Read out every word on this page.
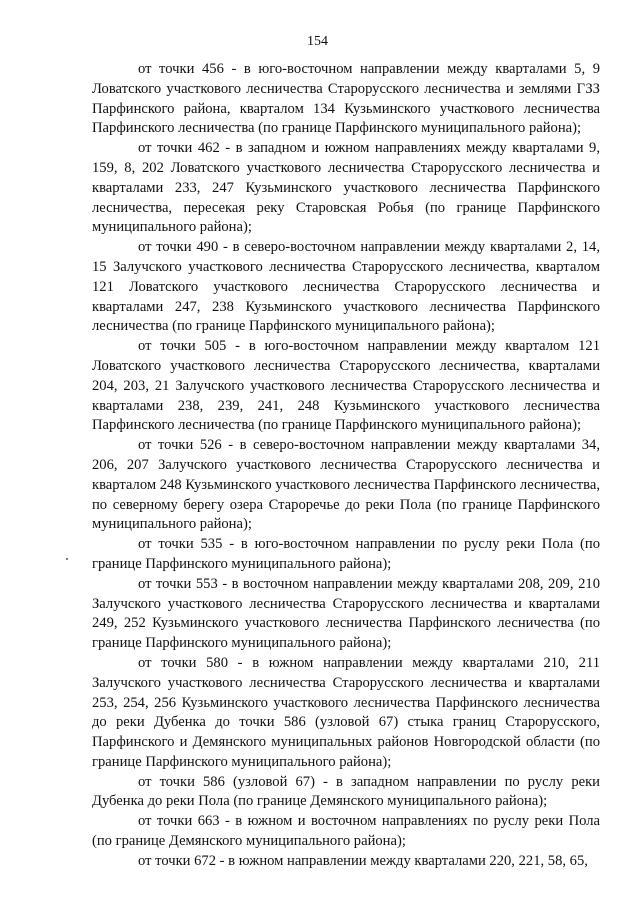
154

от точки 456 - в юго-восточном направлении между кварталами 5, 9 Ловатского участкового лесничества Старорусского лесничества и землями ГЗЗ Парфинского района, кварталом 134 Кузьминского участкового лесничества Парфинского лесничества (по границе Парфинского муниципального района);

от точки 462 - в западном и южном направлениях между кварталами 9, 159, 8, 202 Ловатского участкового лесничества Старорусского лесничества и кварталами 233, 247 Кузьминского участкового лесничества Парфинского лесничества, пересекая реку Старовская Робья (по границе Парфинского муниципального района);

от точки 490 - в северо-восточном направлении между кварталами 2, 14, 15 Залучского участкового лесничества Старорусского лесничества, кварталом 121 Ловатского участкового лесничества Старорусского лесничества и кварталами 247, 238 Кузьминского участкового лесничества Парфинского лесничества (по границе Парфинского муниципального района);

от точки 505 - в юго-восточном направлении между кварталом 121 Ловатского участкового лесничества Старорусского лесничества, кварталами 204, 203, 21 Залучского участкового лесничества Старорусского лесничества и кварталами 238, 239, 241, 248 Кузьминского участкового лесничества Парфинского лесничества (по границе Парфинского муниципального района);

от точки 526 - в северо-восточном направлении между кварталами 34, 206, 207 Залучского участкового лесничества Старорусского лесничества и кварталом 248 Кузьминского участкового лесничества Парфинского лесничества, по северному берегу озера Староречье до реки Пола (по границе Парфинского муниципального района);

от точки 535 - в юго-восточном направлении по руслу реки Пола (по границе Парфинского муниципального района);

от точки 553 - в восточном направлении между кварталами 208, 209, 210 Залучского участкового лесничества Старорусского лесничества и кварталами 249, 252 Кузьминского участкового лесничества Парфинского лесничества (по границе Парфинского муниципального района);

от точки 580 - в южном направлении между кварталами 210, 211 Залучского участкового лесничества Старорусского лесничества и кварталами 253, 254, 256 Кузьминского участкового лесничества Парфинского лесничества до реки Дубенка до точки 586 (узловой 67) стыка границ Старорусского, Парфинского и Демянского муниципальных районов Новгородской области (по границе Парфинского муниципального района);

от точки 586 (узловой 67) - в западном направлении по руслу реки Дубенка до реки Пола (по границе Демянского муниципального района);

от точки 663 - в южном и восточном направлениях по руслу реки Пола (по границе Демянского муниципального района);

от точки 672 - в южном направлении между кварталами 220, 221, 58, 65,
